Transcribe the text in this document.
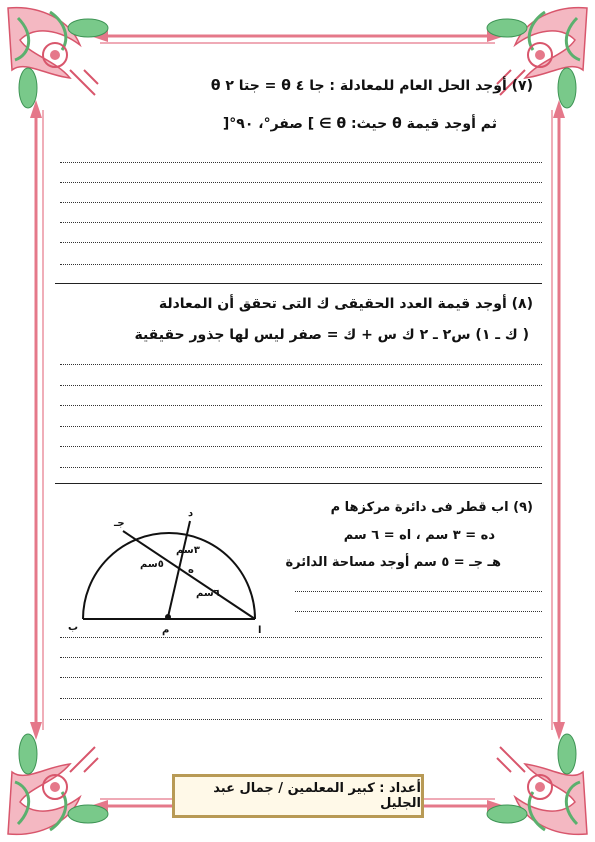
(٧) أوجد الحل العام للمعادلة : جا ٤ θ = جتا ٢ θ
ثم أوجد قيمة θ حيث: θ ∋ ] صفر°، ٩٠°[
(٨) أوجد قيمة العدد الحقيقى ك التى تحقق أن المعادلة
( ك ـ ١) س٢ ـ ٢ ك س + ك = صفر ليس لها جذور حقيقية
(٩) اب قطر فى دائرة مركزها م
ده = ٣ سم ، اه = ٦ سم
هـ جـ = ٥ سم أوجد مساحة الدائرة
ا
ب
جـ
د
ه
م
٣سم
٥سم
٦سم
أعداد : كبير المعلمين / جمال عبد الجليل
